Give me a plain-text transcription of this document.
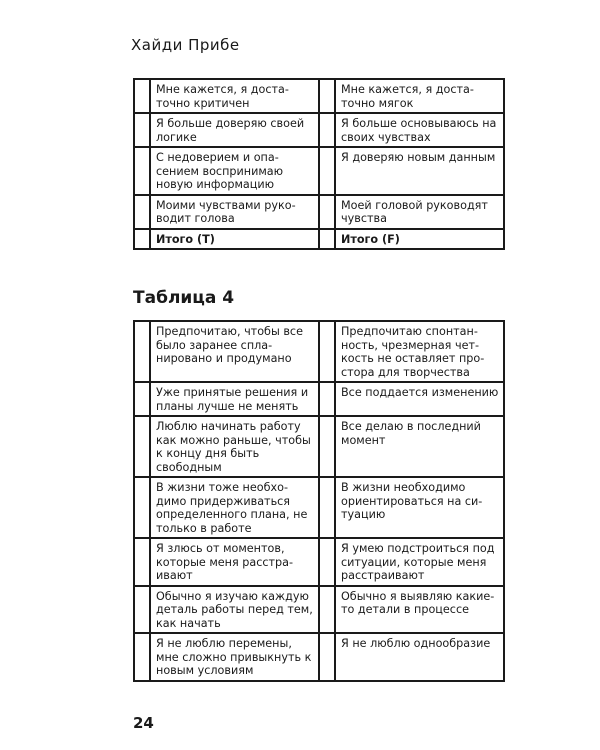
Хайди Прибе
	Мне кажется, я достаточно критичен		Мне кажется, я достаточно мягок
	Я больше доверяю своей логике		Я больше основываюсь на своих чувствах
	С недоверием и опасением воспринимаю новую информацию		Я доверяю новым данным
	Моими чувствами руководит голова		Моей головой руководят чувства
	Итого (T)		Итого (F)
Таблица 4
	Предпочитаю, чтобы все было заранее спланировано и продумано		Предпочитаю спонтанность, чрезмерная четкость не оставляет простора для творчества
	Уже принятые решения и планы лучше не менять		Все поддается изменению
	Люблю начинать работу как можно раньше, чтобы к концу дня быть свободным		Все делаю в последний момент
	В жизни тоже необходимо придерживаться определенного плана, не только в работе		В жизни необходимо ориентироваться на ситуацию
	Я злюсь от моментов, которые меня расстраивают		Я умею подстроиться под ситуации, которые меня расстраивают
	Обычно я изучаю каждую деталь работы перед тем, как начать		Обычно я выявляю какие-то детали в процессе
	Я не люблю перемены, мне сложно привыкнуть к новым условиям		Я не люблю однообразие
24
